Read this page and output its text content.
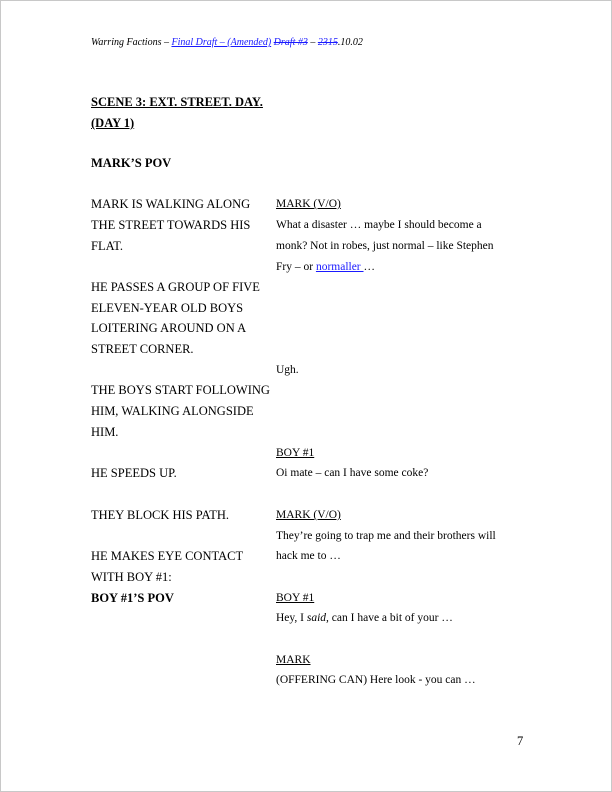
Warring Factions – Final Draft – (Amended) Draft #3 – 2315.10.02
SCENE 3: EXT. STREET. DAY.
(DAY 1)
MARK’S POV
MARK IS WALKING ALONG
THE STREET TOWARDS HIS
FLAT.
HE PASSES A GROUP OF FIVE
ELEVEN-YEAR OLD BOYS
LOITERING AROUND ON A
STREET CORNER.
THE BOYS START FOLLOWING
HIM, WALKING ALONGSIDE
HIM.
HE SPEEDS UP.
THEY BLOCK HIS PATH.
HE MAKES EYE CONTACT
WITH BOY #1:
BOY #1’S POV
MARK (V/O)
What a disaster … maybe I should become a
monk? Not in robes, just normal – like Stephen
Fry – or normaller …
Ugh.
BOY #1
Oi mate – can I have some coke?
MARK (V/O)
They’re going to trap me and their brothers will
hack me to …
BOY #1
Hey, I said, can I have a bit of your …
MARK
(OFFERING CAN) Here look - you can …
7
